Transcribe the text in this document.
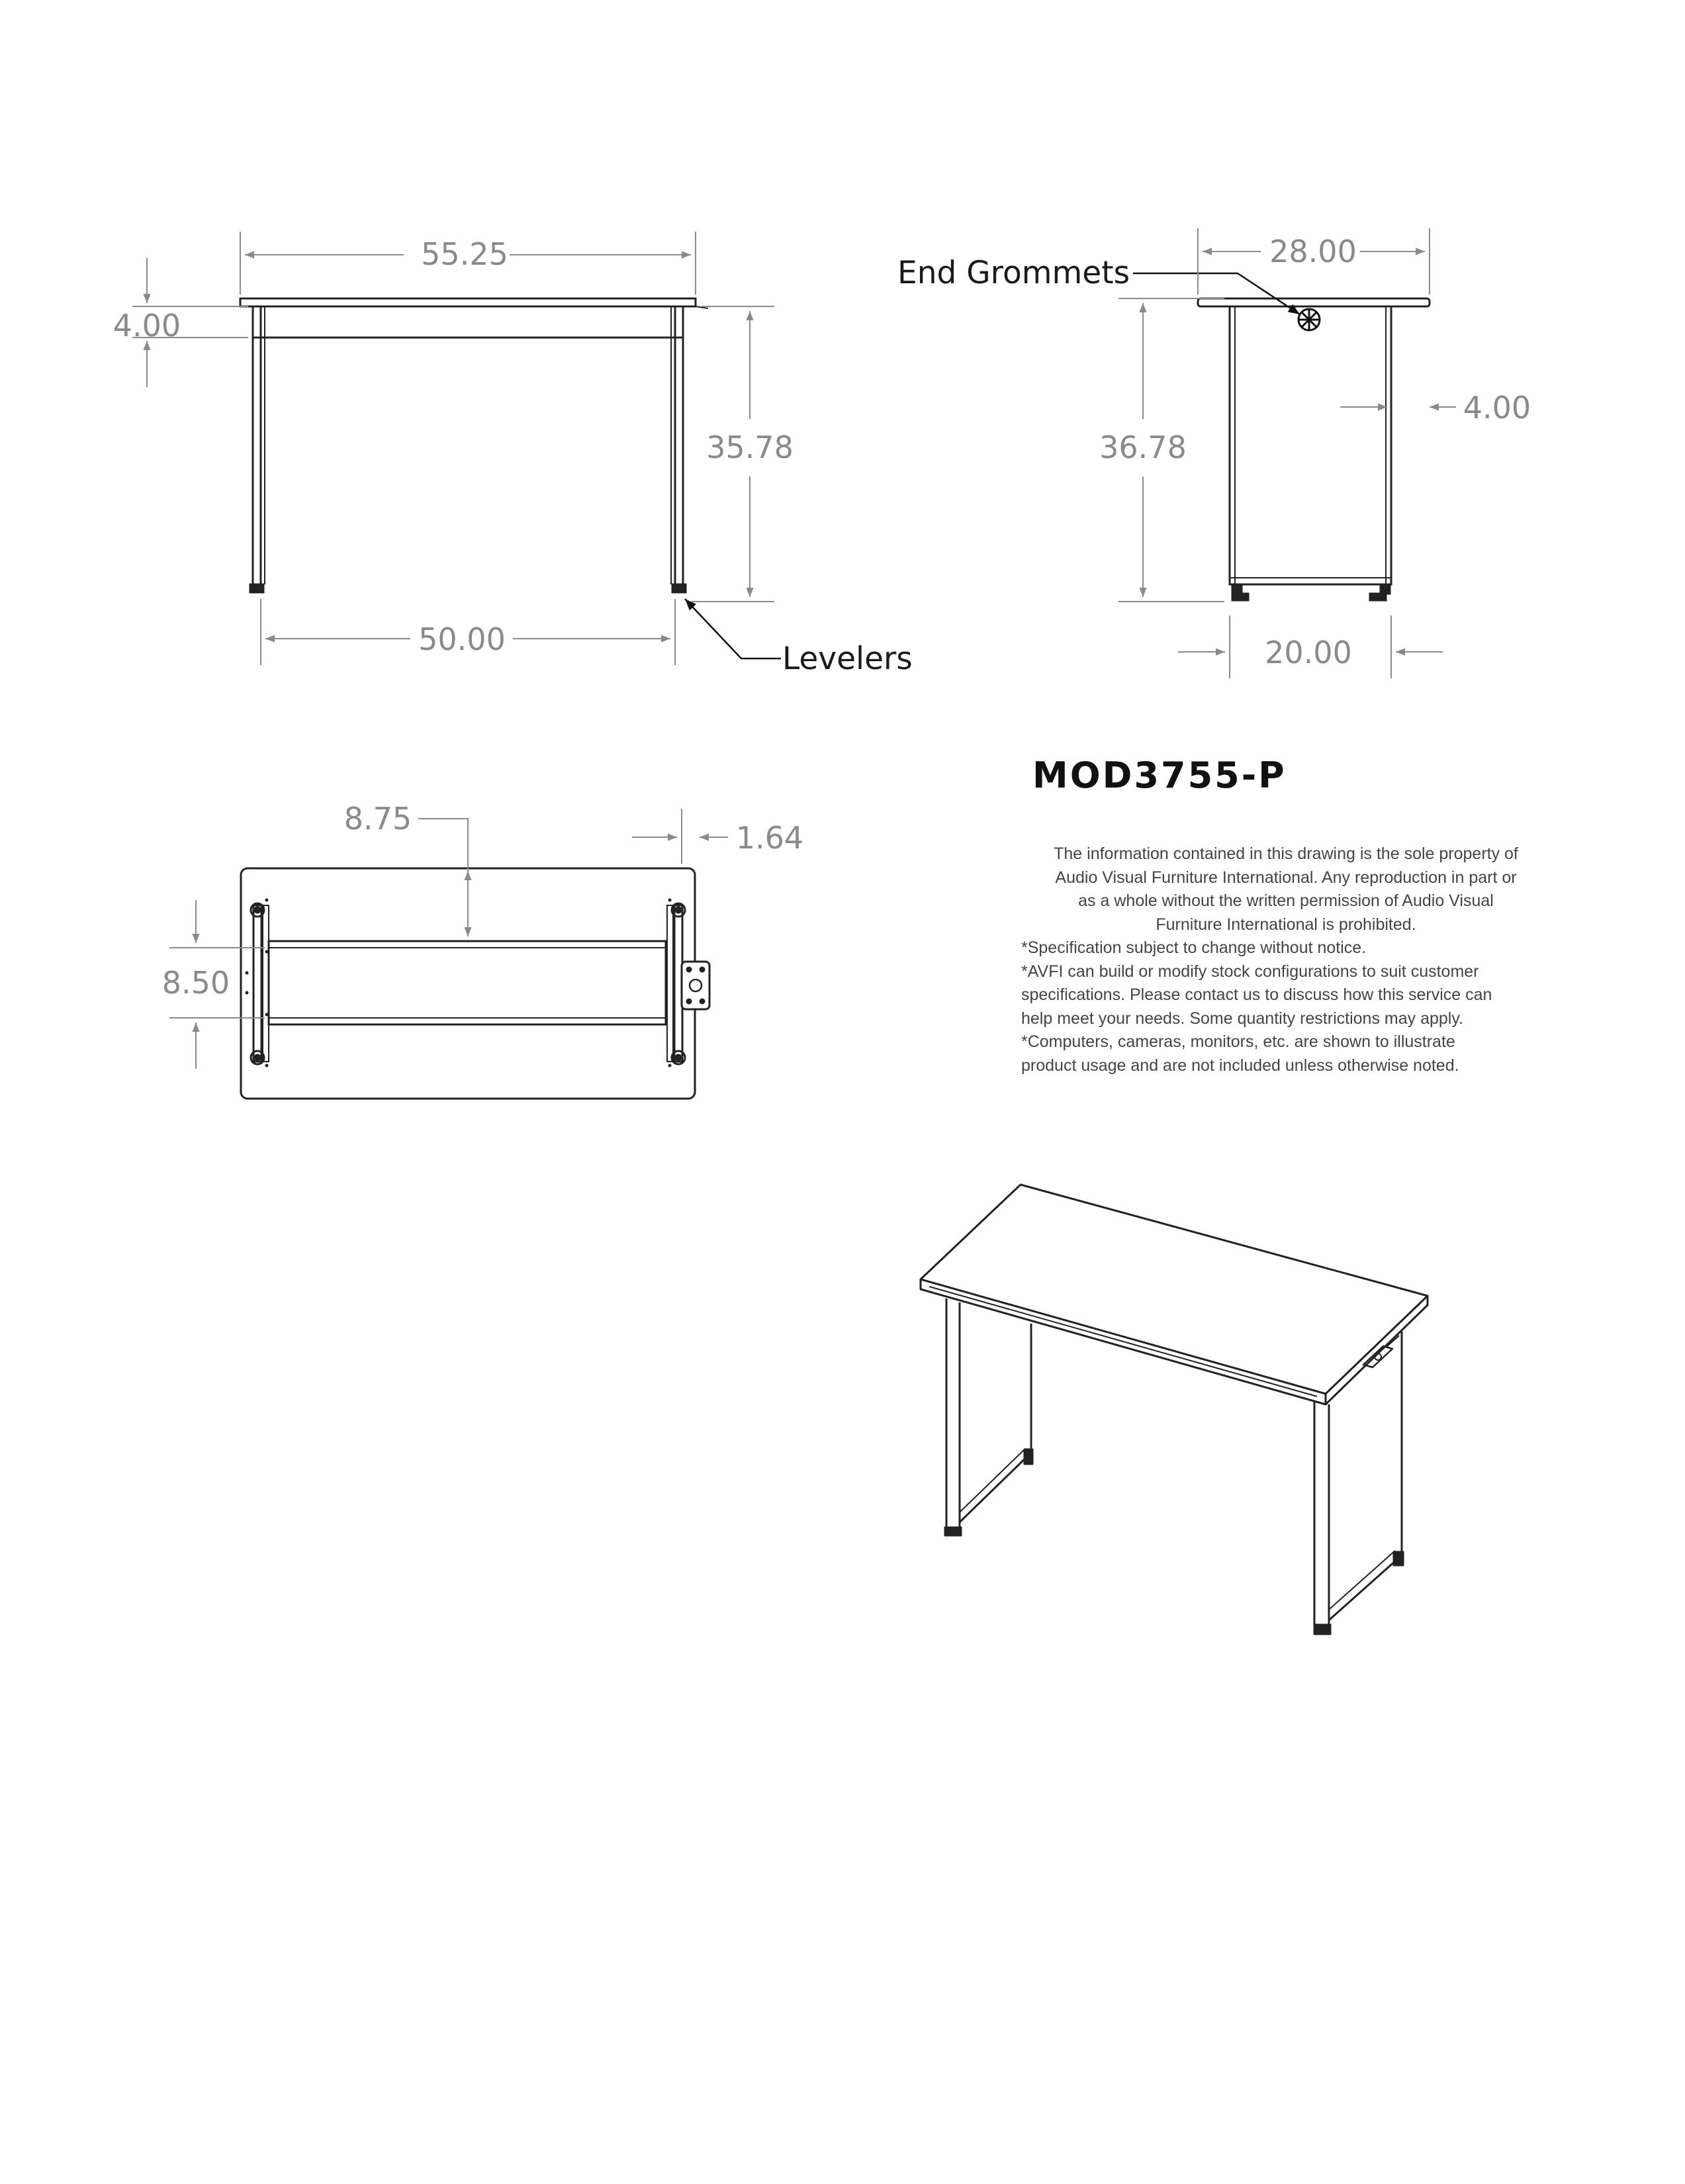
55.25
4.00
35.78
50.00
Levelers
End Grommets
28.00
36.78
4.00
20.00
8.75
1.64
8.50
MOD3755-P

The information contained in this drawing is the sole property of

Audio Visual Furniture International. Any reproduction in part or

as a whole without the written permission of Audio Visual

Furniture International is prohibited.

*Specification subject to change without notice.

*AVFI can build or modify stock configurations to suit customer

specifications. Please contact us to discuss how this service can

help meet your needs. Some quantity restrictions may apply.

*Computers, cameras, monitors, etc. are shown to illustrate

product usage and are not included unless otherwise noted.
